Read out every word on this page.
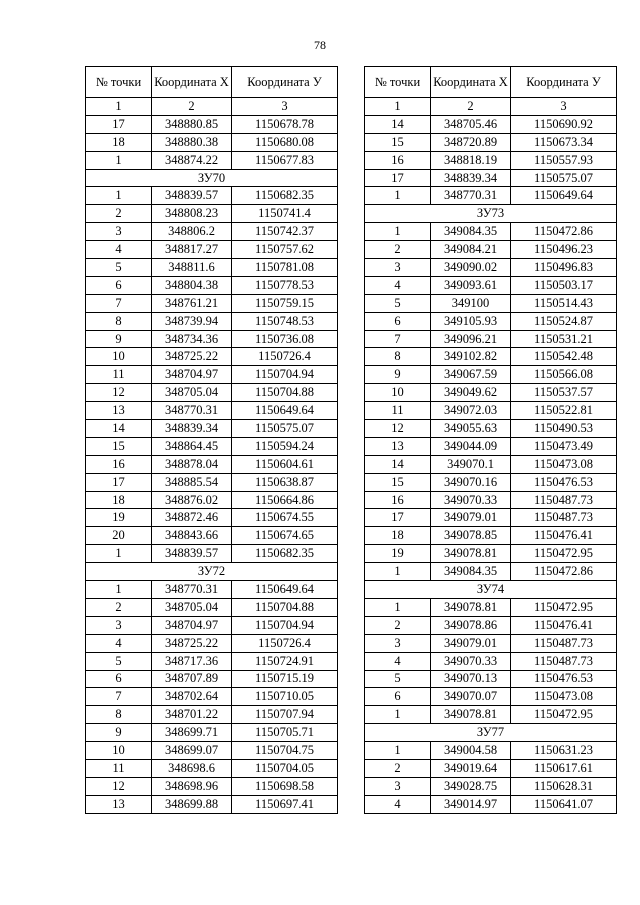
78
№ точки	Координата Х	Координата У
1	2	3
17	348880.85	1150678.78
18	348880.38	1150680.08
1	348874.22	1150677.83
ЗУ70		
1	348839.57	1150682.35
2	348808.23	1150741.4
3	348806.2	1150742.37
4	348817.27	1150757.62
5	348811.6	1150781.08
6	348804.38	1150778.53
7	348761.21	1150759.15
8	348739.94	1150748.53
9	348734.36	1150736.08
10	348725.22	1150726.4
11	348704.97	1150704.94
12	348705.04	1150704.88
13	348770.31	1150649.64
14	348839.34	1150575.07
15	348864.45	1150594.24
16	348878.04	1150604.61
17	348885.54	1150638.87
18	348876.02	1150664.86
19	348872.46	1150674.55
20	348843.66	1150674.65
1	348839.57	1150682.35
ЗУ72		
1	348770.31	1150649.64
2	348705.04	1150704.88
3	348704.97	1150704.94
4	348725.22	1150726.4
5	348717.36	1150724.91
6	348707.89	1150715.19
7	348702.64	1150710.05
8	348701.22	1150707.94
9	348699.71	1150705.71
10	348699.07	1150704.75
11	348698.6	1150704.05
12	348698.96	1150698.58
13	348699.88	1150697.41
№ точки	Координата Х	Координата У
1	2	3
14	348705.46	1150690.92
15	348720.89	1150673.34
16	348818.19	1150557.93
17	348839.34	1150575.07
1	348770.31	1150649.64
ЗУ73		
1	349084.35	1150472.86
2	349084.21	1150496.23
3	349090.02	1150496.83
4	349093.61	1150503.17
5	349100	1150514.43
6	349105.93	1150524.87
7	349096.21	1150531.21
8	349102.82	1150542.48
9	349067.59	1150566.08
10	349049.62	1150537.57
11	349072.03	1150522.81
12	349055.63	1150490.53
13	349044.09	1150473.49
14	349070.1	1150473.08
15	349070.16	1150476.53
16	349070.33	1150487.73
17	349079.01	1150487.73
18	349078.85	1150476.41
19	349078.81	1150472.95
1	349084.35	1150472.86
ЗУ74		
1	349078.81	1150472.95
2	349078.86	1150476.41
3	349079.01	1150487.73
4	349070.33	1150487.73
5	349070.13	1150476.53
6	349070.07	1150473.08
1	349078.81	1150472.95
ЗУ77		
1	349004.58	1150631.23
2	349019.64	1150617.61
3	349028.75	1150628.31
4	349014.97	1150641.07
